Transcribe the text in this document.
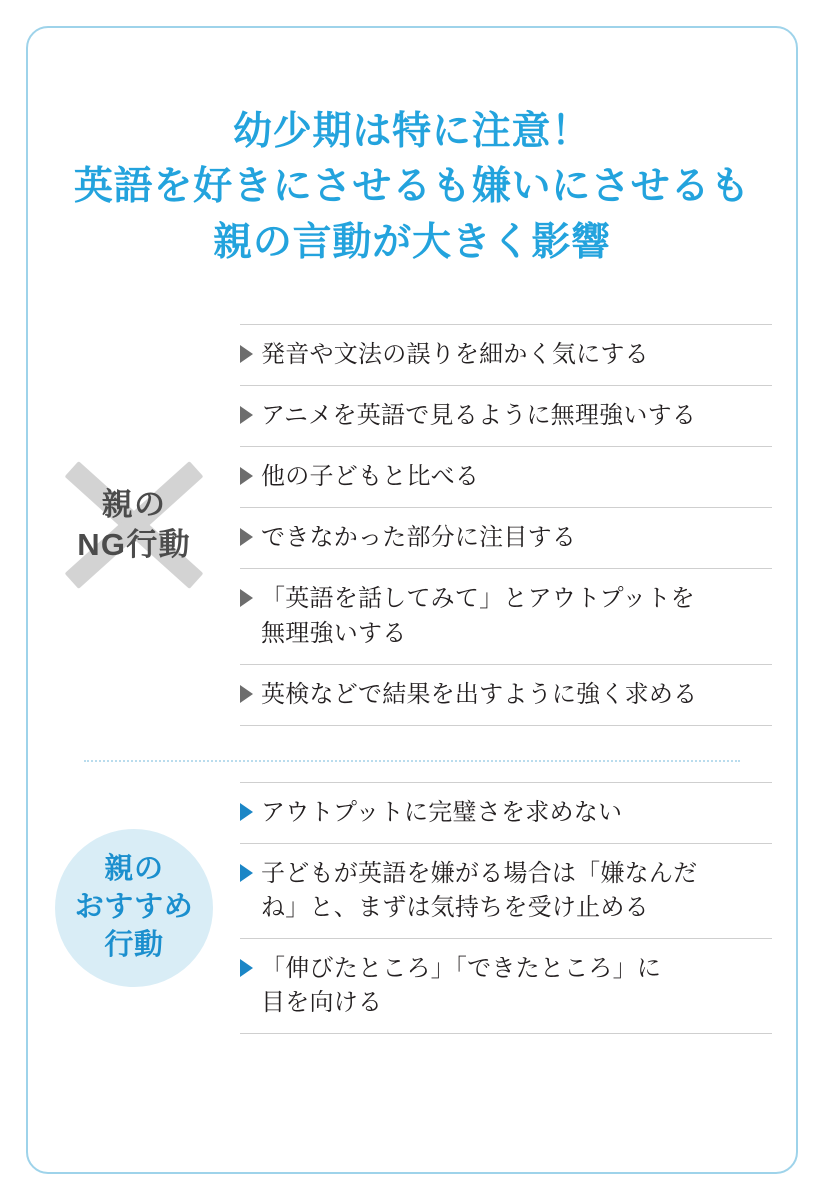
幼少期は特に注意！
英語を好きにさせるも嫌いにさせるも
親の言動が大きく影響
親の
NG行動
発音や文法の誤りを細かく気にする
アニメを英語で見るように無理強いする
他の子どもと比べる
できなかった部分に注目する
「英語を話してみて」とアウトプットを
無理強いする
英検などで結果を出すように強く求める
親の
おすすめ
行動
アウトプットに完璧さを求めない
子どもが英語を嫌がる場合は「嫌なんだ
ね」と、まずは気持ちを受け止める
「伸びたところ」「できたところ」に
目を向ける
